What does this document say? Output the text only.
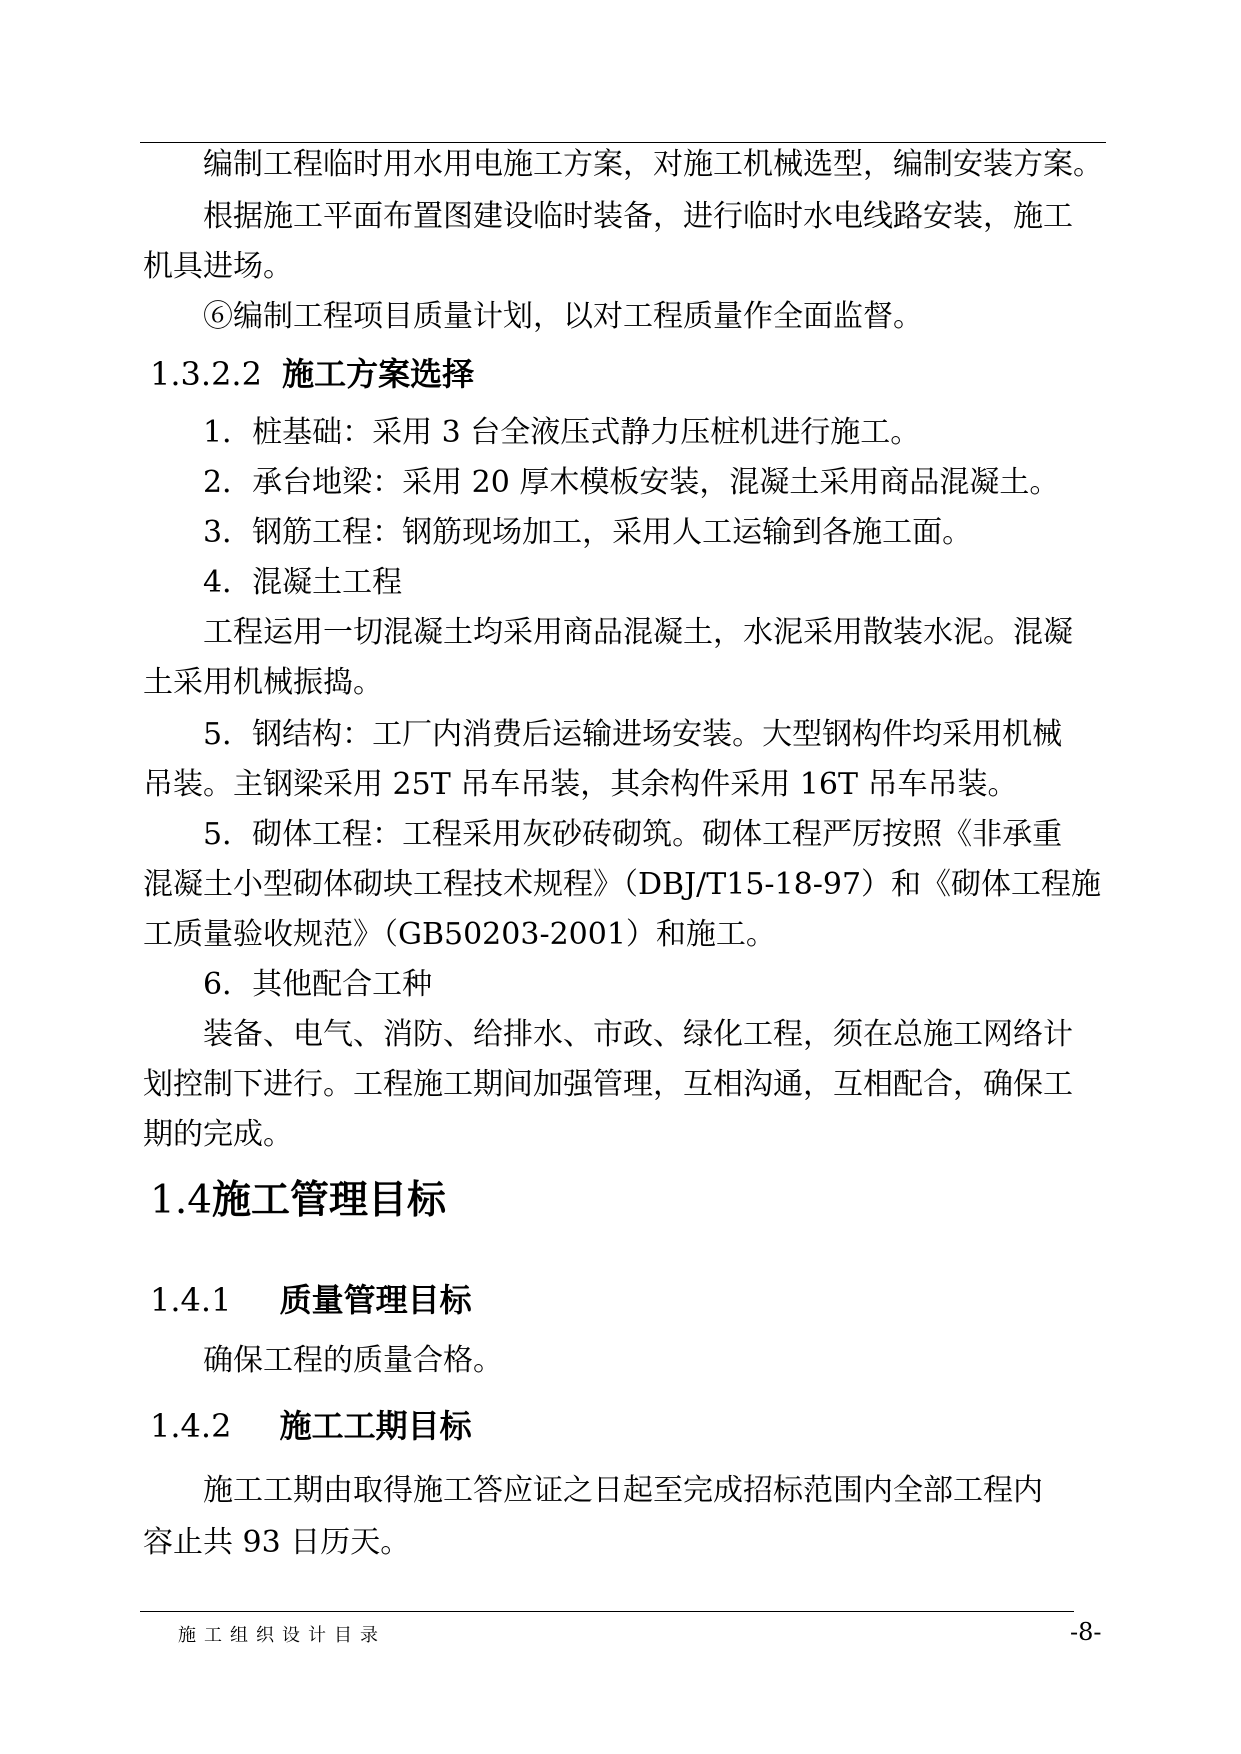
编制工程临时用水用电施工方案，对施工机械选型，编制安装方案。
根据施工平面布置图建设临时装备，进行临时水电线路安装，施工
机具进场。
⑥编制工程项目质量计划，以对工程质量作全面监督。
1.3.2.2 施工方案选择
1．桩基础：采用 3 台全液压式静力压桩机进行施工。
2．承台地梁：采用 20 厚木模板安装，混凝土采用商品混凝土。
3．钢筋工程：钢筋现场加工，采用人工运输到各施工面。
4．混凝土工程
工程运用一切混凝土均采用商品混凝土，水泥采用散装水泥。混凝
土采用机械振捣。
5．钢结构：工厂内消费后运输进场安装。大型钢构件均采用机械
吊装。主钢梁采用 25T 吊车吊装，其余构件采用 16T 吊车吊装。
5．砌体工程：工程采用灰砂砖砌筑。砌体工程严厉按照《非承重
混凝土小型砌体砌块工程技术规程》（DBJ/T15-18-97）和《砌体工程施
工质量验收规范》（GB50203-2001）和施工。
6．其他配合工种
装备、电气、消防、给排水、市政、绿化工程，须在总施工网络计
划控制下进行。工程施工期间加强管理，互相沟通，互相配合，确保工
期的完成。
1.4施工管理目标
1.4.1 质量管理目标
确保工程的质量合格。
1.4.2 施工工期目标
施工工期由取得施工答应证之日起至完成招标范围内全部工程内
容止共 93 日历天。
施工组织设计目录	-8-
